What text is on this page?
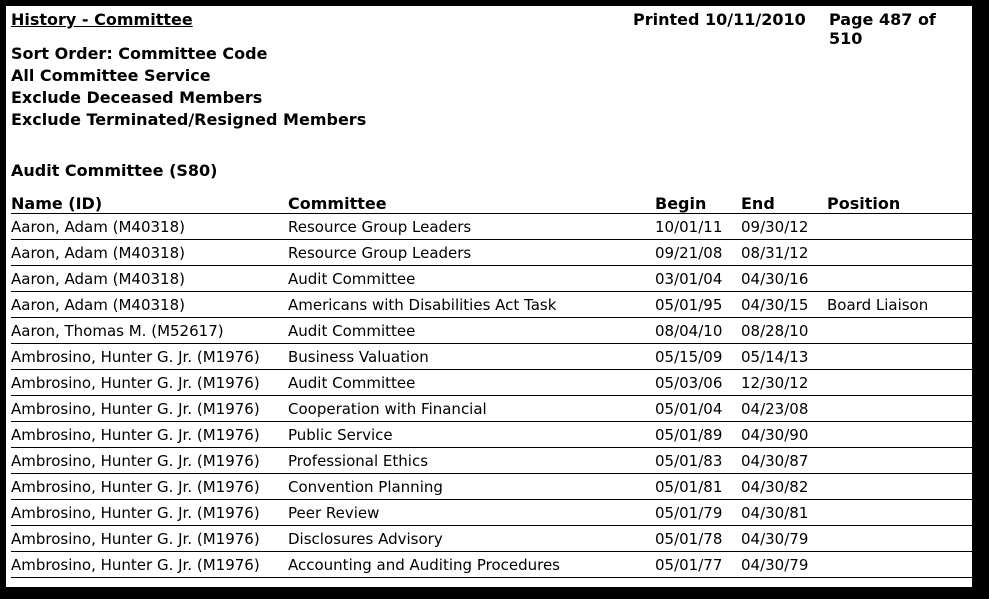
History - Committee	Printed 10/11/2010 Page 487 of 510
Sort Order: Committee Code
All Committee Service
Exclude Deceased Members
Exclude Terminated/Resigned Members
Audit Committee (S80)
Name (ID)	Committee	Begin	End	Position
Aaron, Adam (M40318)	Resource Group Leaders	10/01/11	09/30/12	
Aaron, Adam (M40318)	Resource Group Leaders	09/21/08	08/31/12	
Aaron, Adam (M40318)	Audit Committee	03/01/04	04/30/16	
Aaron, Adam (M40318)	Americans with Disabilities Act Task	05/01/95	04/30/15	Board Liaison
Aaron, Thomas M. (M52617)	Audit Committee	08/04/10	08/28/10	
Ambrosino, Hunter G. Jr. (M1976)	Business Valuation	05/15/09	05/14/13	
Ambrosino, Hunter G. Jr. (M1976)	Audit Committee	05/03/06	12/30/12	
Ambrosino, Hunter G. Jr. (M1976)	Cooperation with Financial	05/01/04	04/23/08	
Ambrosino, Hunter G. Jr. (M1976)	Public Service	05/01/89	04/30/90	
Ambrosino, Hunter G. Jr. (M1976)	Professional Ethics	05/01/83	04/30/87	
Ambrosino, Hunter G. Jr. (M1976)	Convention Planning	05/01/81	04/30/82	
Ambrosino, Hunter G. Jr. (M1976)	Peer Review	05/01/79	04/30/81	
Ambrosino, Hunter G. Jr. (M1976)	Disclosures Advisory	05/01/78	04/30/79	
Ambrosino, Hunter G. Jr. (M1976)	Accounting and Auditing Procedures	05/01/77	04/30/79	
